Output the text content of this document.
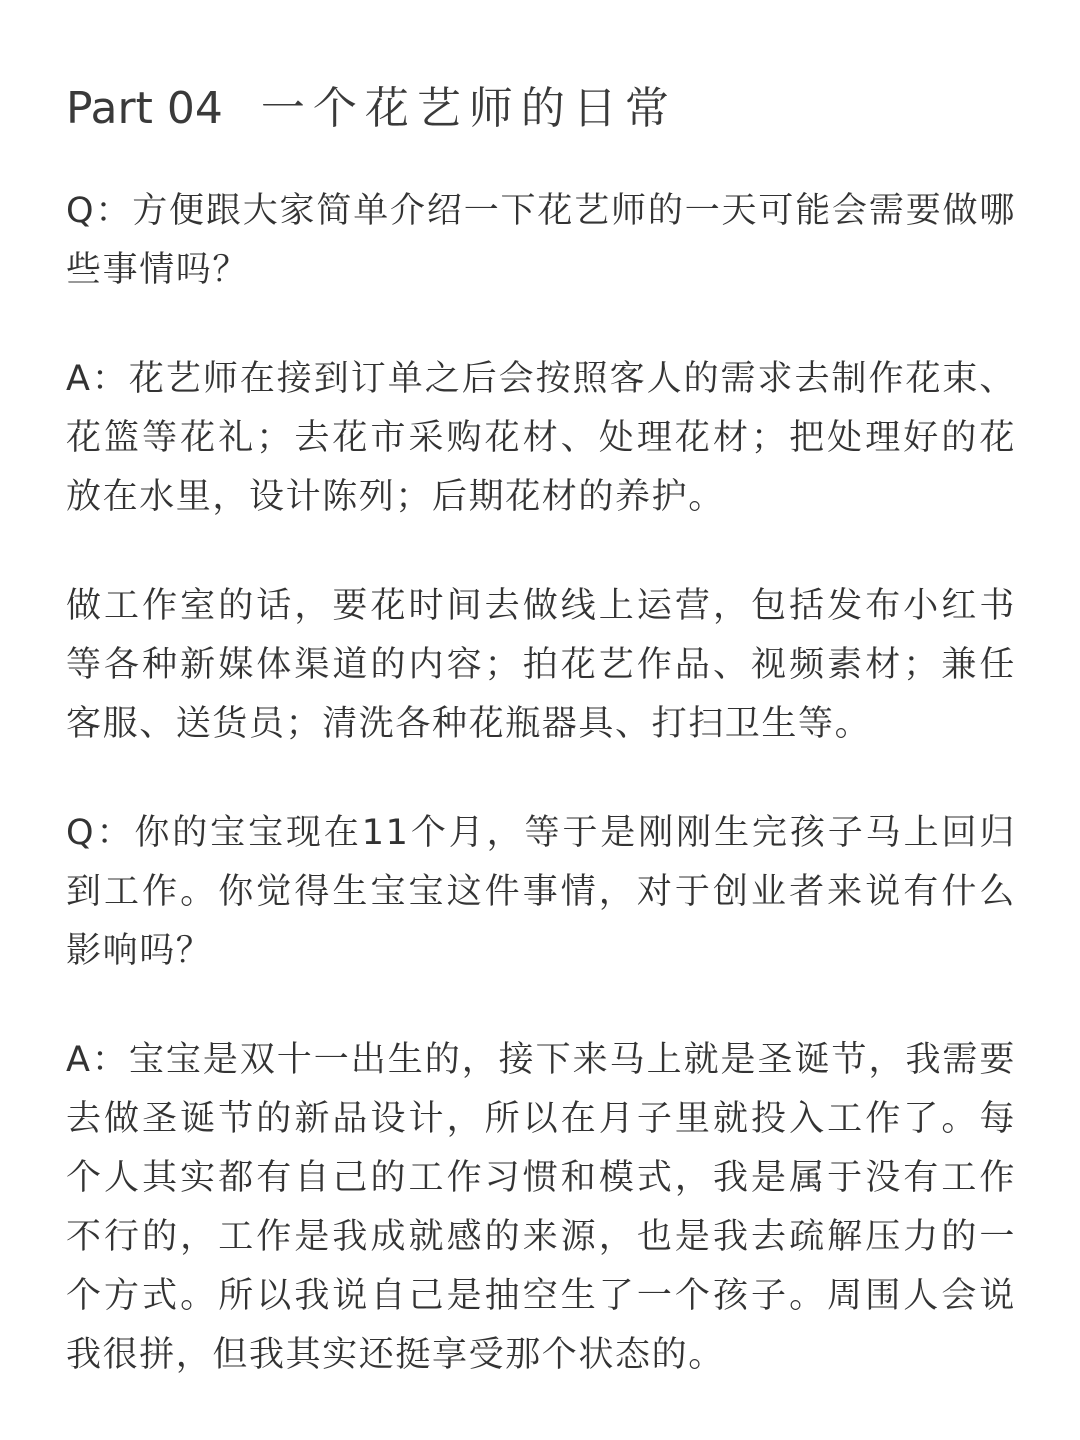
Part 04 一个花艺师的日常

Q：方便跟大家简单介绍一下花艺师的一天可能会需要做哪些事情吗？

A：花艺师在接到订单之后会按照客人的需求去制作花束、花篮等花礼；去花市采购花材、处理花材；把处理好的花放在水里，设计陈列；后期花材的养护。

做工作室的话，要花时间去做线上运营，包括发布小红书等各种新媒体渠道的内容；拍花艺作品、视频素材；兼任客服、送货员；清洗各种花瓶器具、打扫卫生等。

Q：你的宝宝现在11个月，等于是刚刚生完孩子马上回归到工作。你觉得生宝宝这件事情，对于创业者来说有什么影响吗？

A：宝宝是双十一出生的，接下来马上就是圣诞节，我需要去做圣诞节的新品设计，所以在月子里就投入工作了。每个人其实都有自己的工作习惯和模式，我是属于没有工作不行的，工作是我成就感的来源，也是我去疏解压力的一个方式。所以我说自己是抽空生了一个孩子。周围人会说我很拼，但我其实还挺享受那个状态的。
